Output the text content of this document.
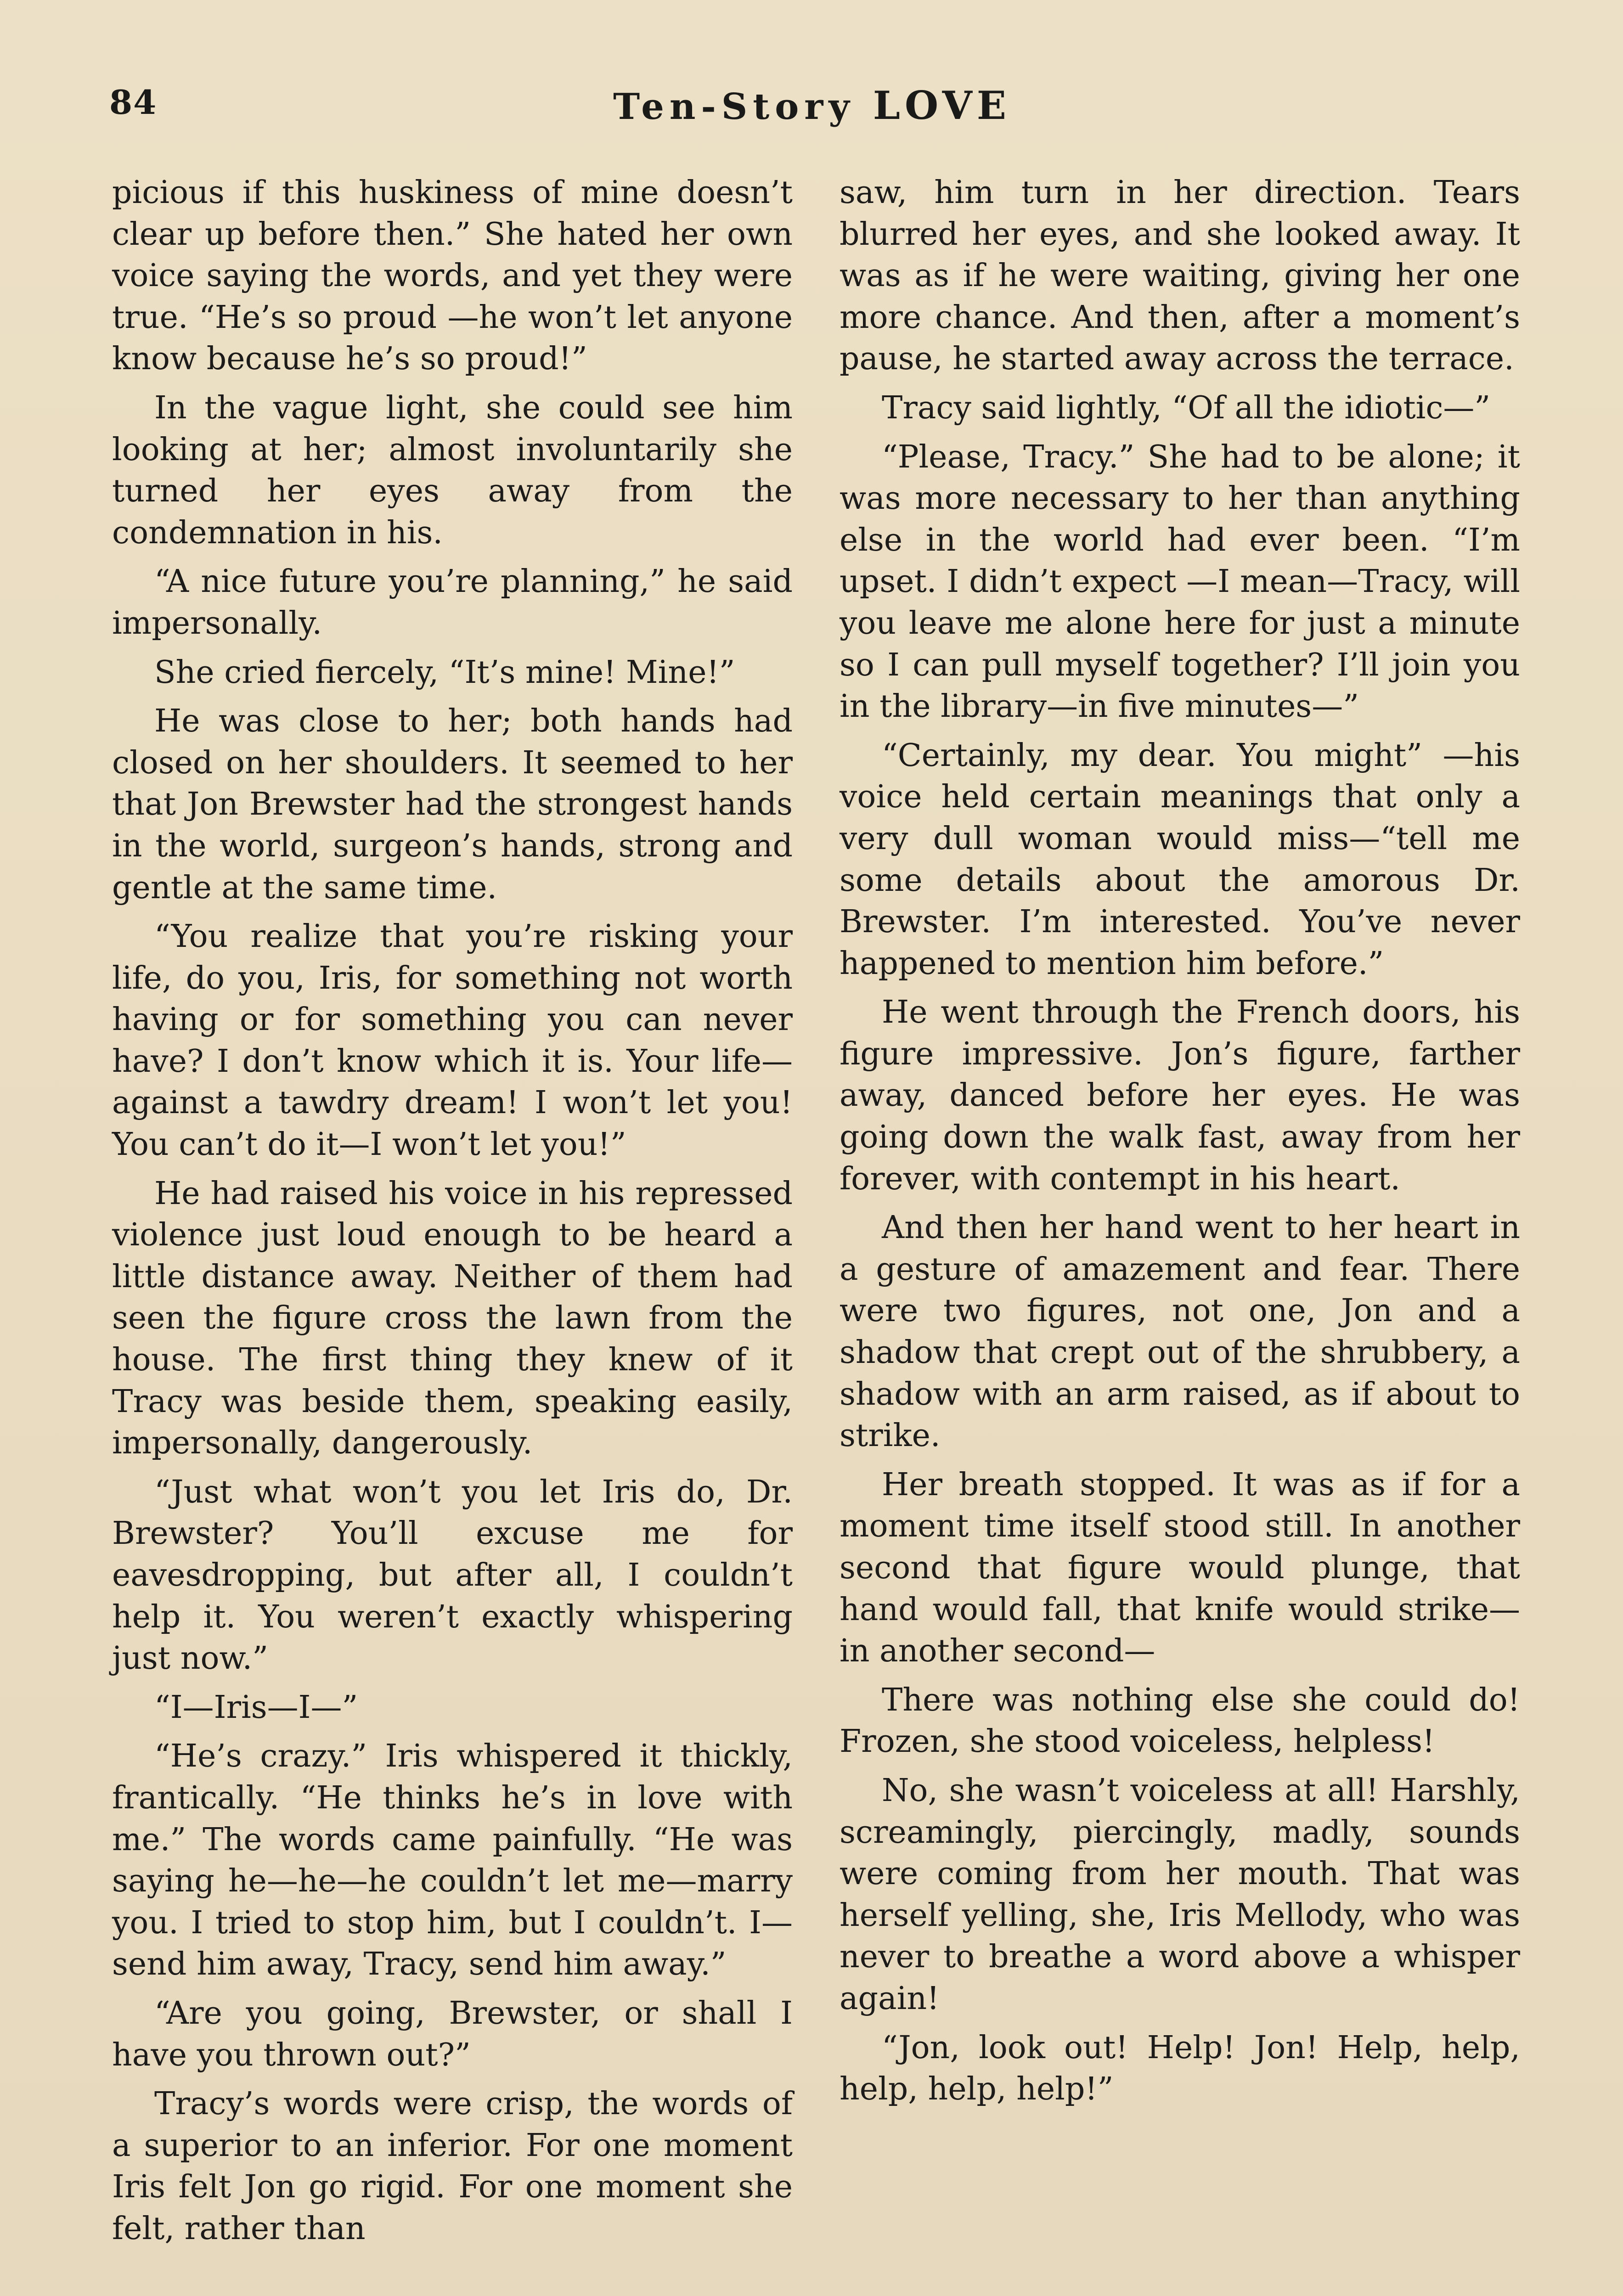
84	Ten-Story LOVE

picious if this huskiness of mine doesn’t clear up before then.” She hated her own voice saying the words, and yet they were true. “He’s so proud —he won’t let anyone know because he’s so proud!”

In the vague light, she could see him looking at her; almost involuntarily she turned her eyes away from the condemnation in his.

“A nice future you’re planning,” he said impersonally.

She cried fiercely, “It’s mine! Mine!”

He was close to her; both hands had closed on her shoulders. It seemed to her that Jon Brewster had the strongest hands in the world, surgeon’s hands, strong and gentle at the same time.

“You realize that you’re risking your life, do you, Iris, for something not worth having or for something you can never have? I don’t know which it is. Your life—against a tawdry dream! I won’t let you! You can’t do it—I won’t let you!”

He had raised his voice in his repressed violence just loud enough to be heard a little distance away. Neither of them had seen the figure cross the lawn from the house. The first thing they knew of it Tracy was beside them, speaking easily, impersonally, dangerously.

“Just what won’t you let Iris do, Dr. Brewster? You’ll excuse me for eavesdropping, but after all, I couldn’t help it. You weren’t exactly whispering just now.”

“I—Iris—I—”

“He’s crazy.” Iris whispered it thickly, frantically. “He thinks he’s in love with me.” The words came painfully. “He was saying he—he—he couldn’t let me—marry you. I tried to stop him, but I couldn’t. I—send him away, Tracy, send him away.”

“Are you going, Brewster, or shall I have you thrown out?”

Tracy’s words were crisp, the words of a superior to an inferior. For one moment Iris felt Jon go rigid. For one moment she felt, rather than

saw, him turn in her direction. Tears blurred her eyes, and she looked away. It was as if he were waiting, giving her one more chance. And then, after a moment’s pause, he started away across the terrace.

Tracy said lightly, “Of all the idiotic—”

“Please, Tracy.” She had to be alone; it was more necessary to her than anything else in the world had ever been. “I’m upset. I didn’t expect —I mean—Tracy, will you leave me alone here for just a minute so I can pull myself together? I’ll join you in the library—in five minutes—”

“Certainly, my dear. You might” —his voice held certain meanings that only a very dull woman would miss—“tell me some details about the amorous Dr. Brewster. I’m interested. You’ve never happened to mention him before.”

He went through the French doors, his figure impressive. Jon’s figure, farther away, danced before her eyes. He was going down the walk fast, away from her forever, with contempt in his heart.

And then her hand went to her heart in a gesture of amazement and fear. There were two figures, not one, Jon and a shadow that crept out of the shrubbery, a shadow with an arm raised, as if about to strike.

Her breath stopped. It was as if for a moment time itself stood still. In another second that figure would plunge, that hand would fall, that knife would strike—in another second—

There was nothing else she could do! Frozen, she stood voiceless, helpless!

No, she wasn’t voiceless at all! Harshly, screamingly, piercingly, madly, sounds were coming from her mouth. That was herself yelling, she, Iris Mellody, who was never to breathe a word above a whisper again!

“Jon, look out! Help! Jon! Help, help, help, help, help!”
